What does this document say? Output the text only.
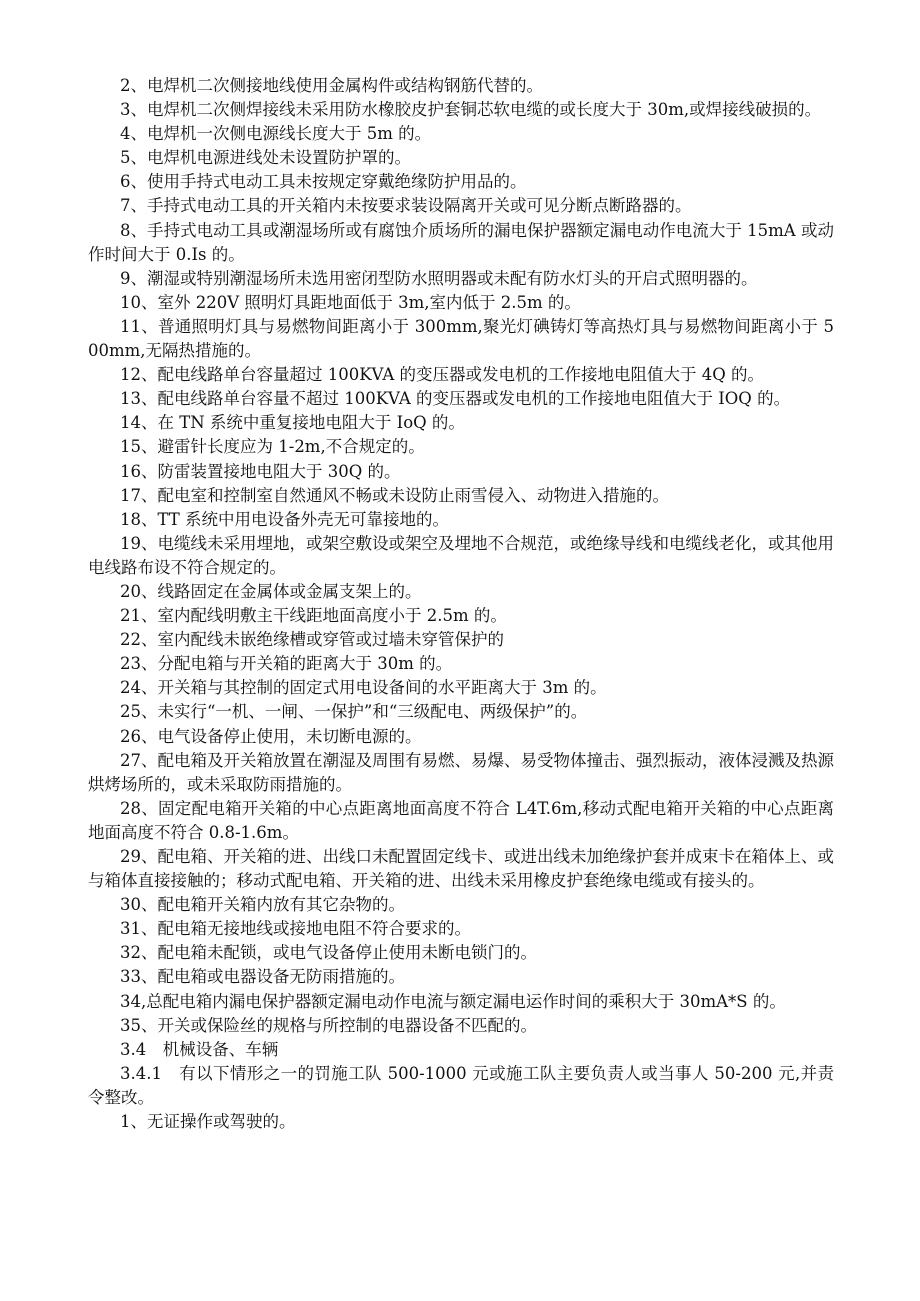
2、电焊机二次侧接地线使用金属构件或结构钢筋代替的。

3、电焊机二次侧焊接线未采用防水橡胶皮护套铜芯软电缆的或长度大于 30m,或焊接线破损的。

4、电焊机一次侧电源线长度大于 5m 的。

5、电焊机电源进线处未设置防护罩的。

6、使用手持式电动工具未按规定穿戴绝缘防护用品的。

7、手持式电动工具的开关箱内未按要求装设隔离开关或可见分断点断路器的。

8、手持式电动工具或潮湿场所或有腐蚀介质场所的漏电保护器额定漏电动作电流大于 15mA 或动作时间大于 0.Is 的。

9、潮湿或特别潮湿场所未选用密闭型防水照明器或未配有防水灯头的开启式照明器的。

10、室外 220V 照明灯具距地面低于 3m,室内低于 2.5m 的。

11、普通照明灯具与易燃物间距离小于 300mm,聚光灯碘铸灯等高热灯具与易燃物间距离小于 500mm,无隔热措施的。

12、配电线路单台容量超过 100KVA 的变压器或发电机的工作接地电阻值大于 4Q 的。

13、配电线路单台容量不超过 100KVA 的变压器或发电机的工作接地电阻值大于 IOQ 的。

14、在 TN 系统中重复接地电阻大于 IoQ 的。

15、避雷针长度应为 1-2m,不合规定的。

16、防雷装置接地电阻大于 30Q 的。

17、配电室和控制室自然通风不畅或未设防止雨雪侵入、动物进入措施的。

18、TT 系统中用电设备外壳无可靠接地的。

19、电缆线未采用埋地，或架空敷设或架空及埋地不合规范，或绝缘导线和电缆线老化，或其他用电线路布设不符合规定的。

20、线路固定在金属体或金属支架上的。

21、室内配线明敷主干线距地面高度小于 2.5m 的。

22、室内配线未嵌绝缘槽或穿管或过墙未穿管保护的

23、分配电箱与开关箱的距离大于 30m 的。

24、开关箱与其控制的固定式用电设备间的水平距离大于 3m 的。

25、未实行“一机、一闸、一保护”和“三级配电、两级保护”的。

26、电气设备停止使用，未切断电源的。

27、配电箱及开关箱放置在潮湿及周围有易燃、易爆、易受物体撞击、强烈振动，液体浸溅及热源烘烤场所的，或未采取防雨措施的。

28、固定配电箱开关箱的中心点距离地面高度不符合 L4T.6m,移动式配电箱开关箱的中心点距离地面高度不符合 0.8-1.6m。

29、配电箱、开关箱的进、出线口未配置固定线卡、或进出线未加绝缘护套并成束卡在箱体上、或与箱体直接接触的；移动式配电箱、开关箱的进、出线未采用橡皮护套绝缘电缆或有接头的。

30、配电箱开关箱内放有其它杂物的。

31、配电箱无接地线或接地电阻不符合要求的。

32、配电箱未配锁，或电气设备停止使用未断电锁门的。

33、配电箱或电器设备无防雨措施的。

34,总配电箱内漏电保护器额定漏电动作电流与额定漏电运作时间的乘积大于 30mA*S 的。

35、开关或保险丝的规格与所控制的电器设备不匹配的。

3.4　机械设备、车辆

3.4.1　有以下情形之一的罚施工队 500-1000 元或施工队主要负责人或当事人 50-200 元,并责令整改。

1、无证操作或驾驶的。
